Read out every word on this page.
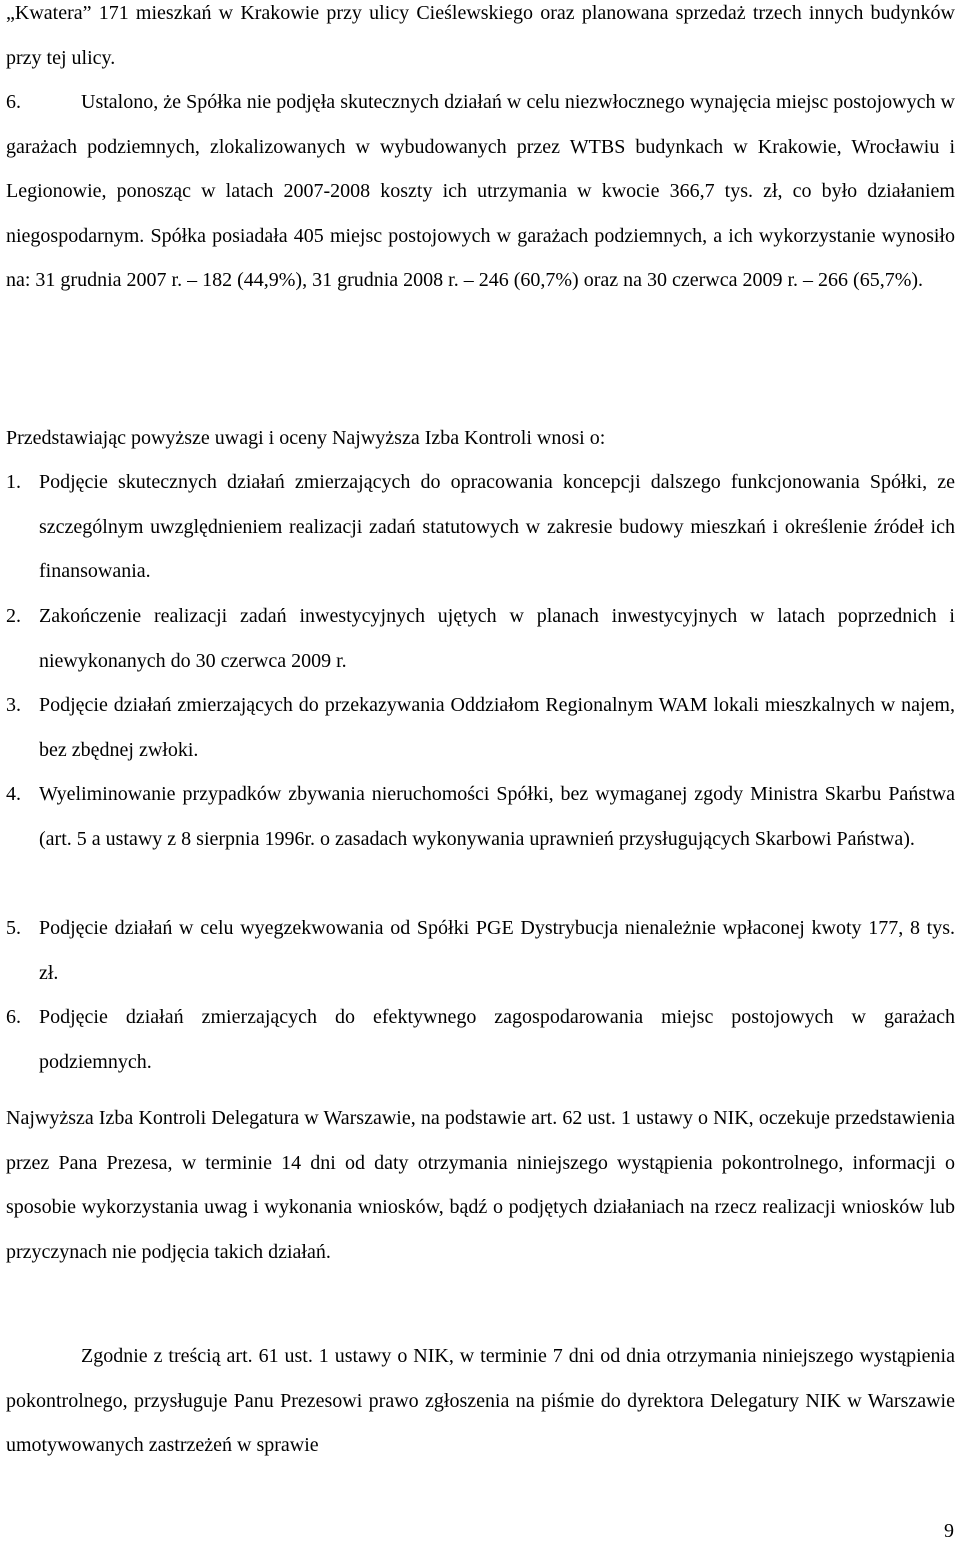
„Kwatera” 171 mieszkań w Krakowie przy ulicy Cieślewskiego oraz planowana sprzedaż trzech innych budynków przy tej ulicy.

6.	Ustalono, że Spółka nie podjęła skutecznych działań w celu niezwłocznego wynajęcia miejsc postojowych w garażach podziemnych, zlokalizowanych w wybudowanych przez WTBS budynkach w Krakowie, Wrocławiu i Legionowie, ponosząc w latach 2007-2008 koszty ich utrzymania w kwocie 366,7 tys. zł, co było działaniem niegospodarnym. Spółka posiadała 405 miejsc postojowych w garażach podziemnych, a ich wykorzystanie wynosiło na: 31 grudnia 2007 r. – 182 (44,9%), 31 grudnia 2008 r. – 246 (60,7%) oraz na 30 czerwca 2009 r. – 266 (65,7%).

Przedstawiając powyższe uwagi i oceny Najwyższa Izba Kontroli wnosi o:

1. Podjęcie skutecznych działań zmierzających do opracowania koncepcji dalszego funkcjonowania Spółki, ze szczególnym uwzględnieniem realizacji zadań statutowych w zakresie budowy mieszkań i określenie źródeł ich finansowania.

2. Zakończenie realizacji zadań inwestycyjnych ujętych w planach inwestycyjnych w latach poprzednich i niewykonanych do 30 czerwca 2009 r.

3. Podjęcie działań zmierzających do przekazywania Oddziałom Regionalnym WAM lokali mieszkalnych w najem, bez zbędnej zwłoki.

4. Wyeliminowanie przypadków zbywania nieruchomości Spółki, bez wymaganej zgody Ministra Skarbu Państwa (art. 5 a ustawy z 8 sierpnia 1996r. o zasadach wykonywania uprawnień przysługujących Skarbowi Państwa).

5. Podjęcie działań w celu wyegzekwowania od Spółki PGE Dystrybucja nienależnie wpłaconej kwoty 177, 8 tys. zł.

6. Podjęcie działań zmierzających do efektywnego zagospodarowania miejsc postojowych w garażach podziemnych.

Najwyższa Izba Kontroli Delegatura w Warszawie, na podstawie art. 62 ust. 1 ustawy o NIK, oczekuje przedstawienia przez Pana Prezesa, w terminie 14 dni od daty otrzymania niniejszego wystąpienia pokontrolnego, informacji o sposobie wykorzystania uwag i wykonania wniosków, bądź o podjętych działaniach na rzecz realizacji wniosków lub przyczynach nie podjęcia takich działań.

Zgodnie z treścią art. 61 ust. 1 ustawy o NIK, w terminie 7 dni od dnia otrzymania niniejszego wystąpienia pokontrolnego, przysługuje Panu Prezesowi prawo zgłoszenia na piśmie do dyrektora Delegatury NIK w Warszawie umotywowanych zastrzeżeń w sprawie

9
